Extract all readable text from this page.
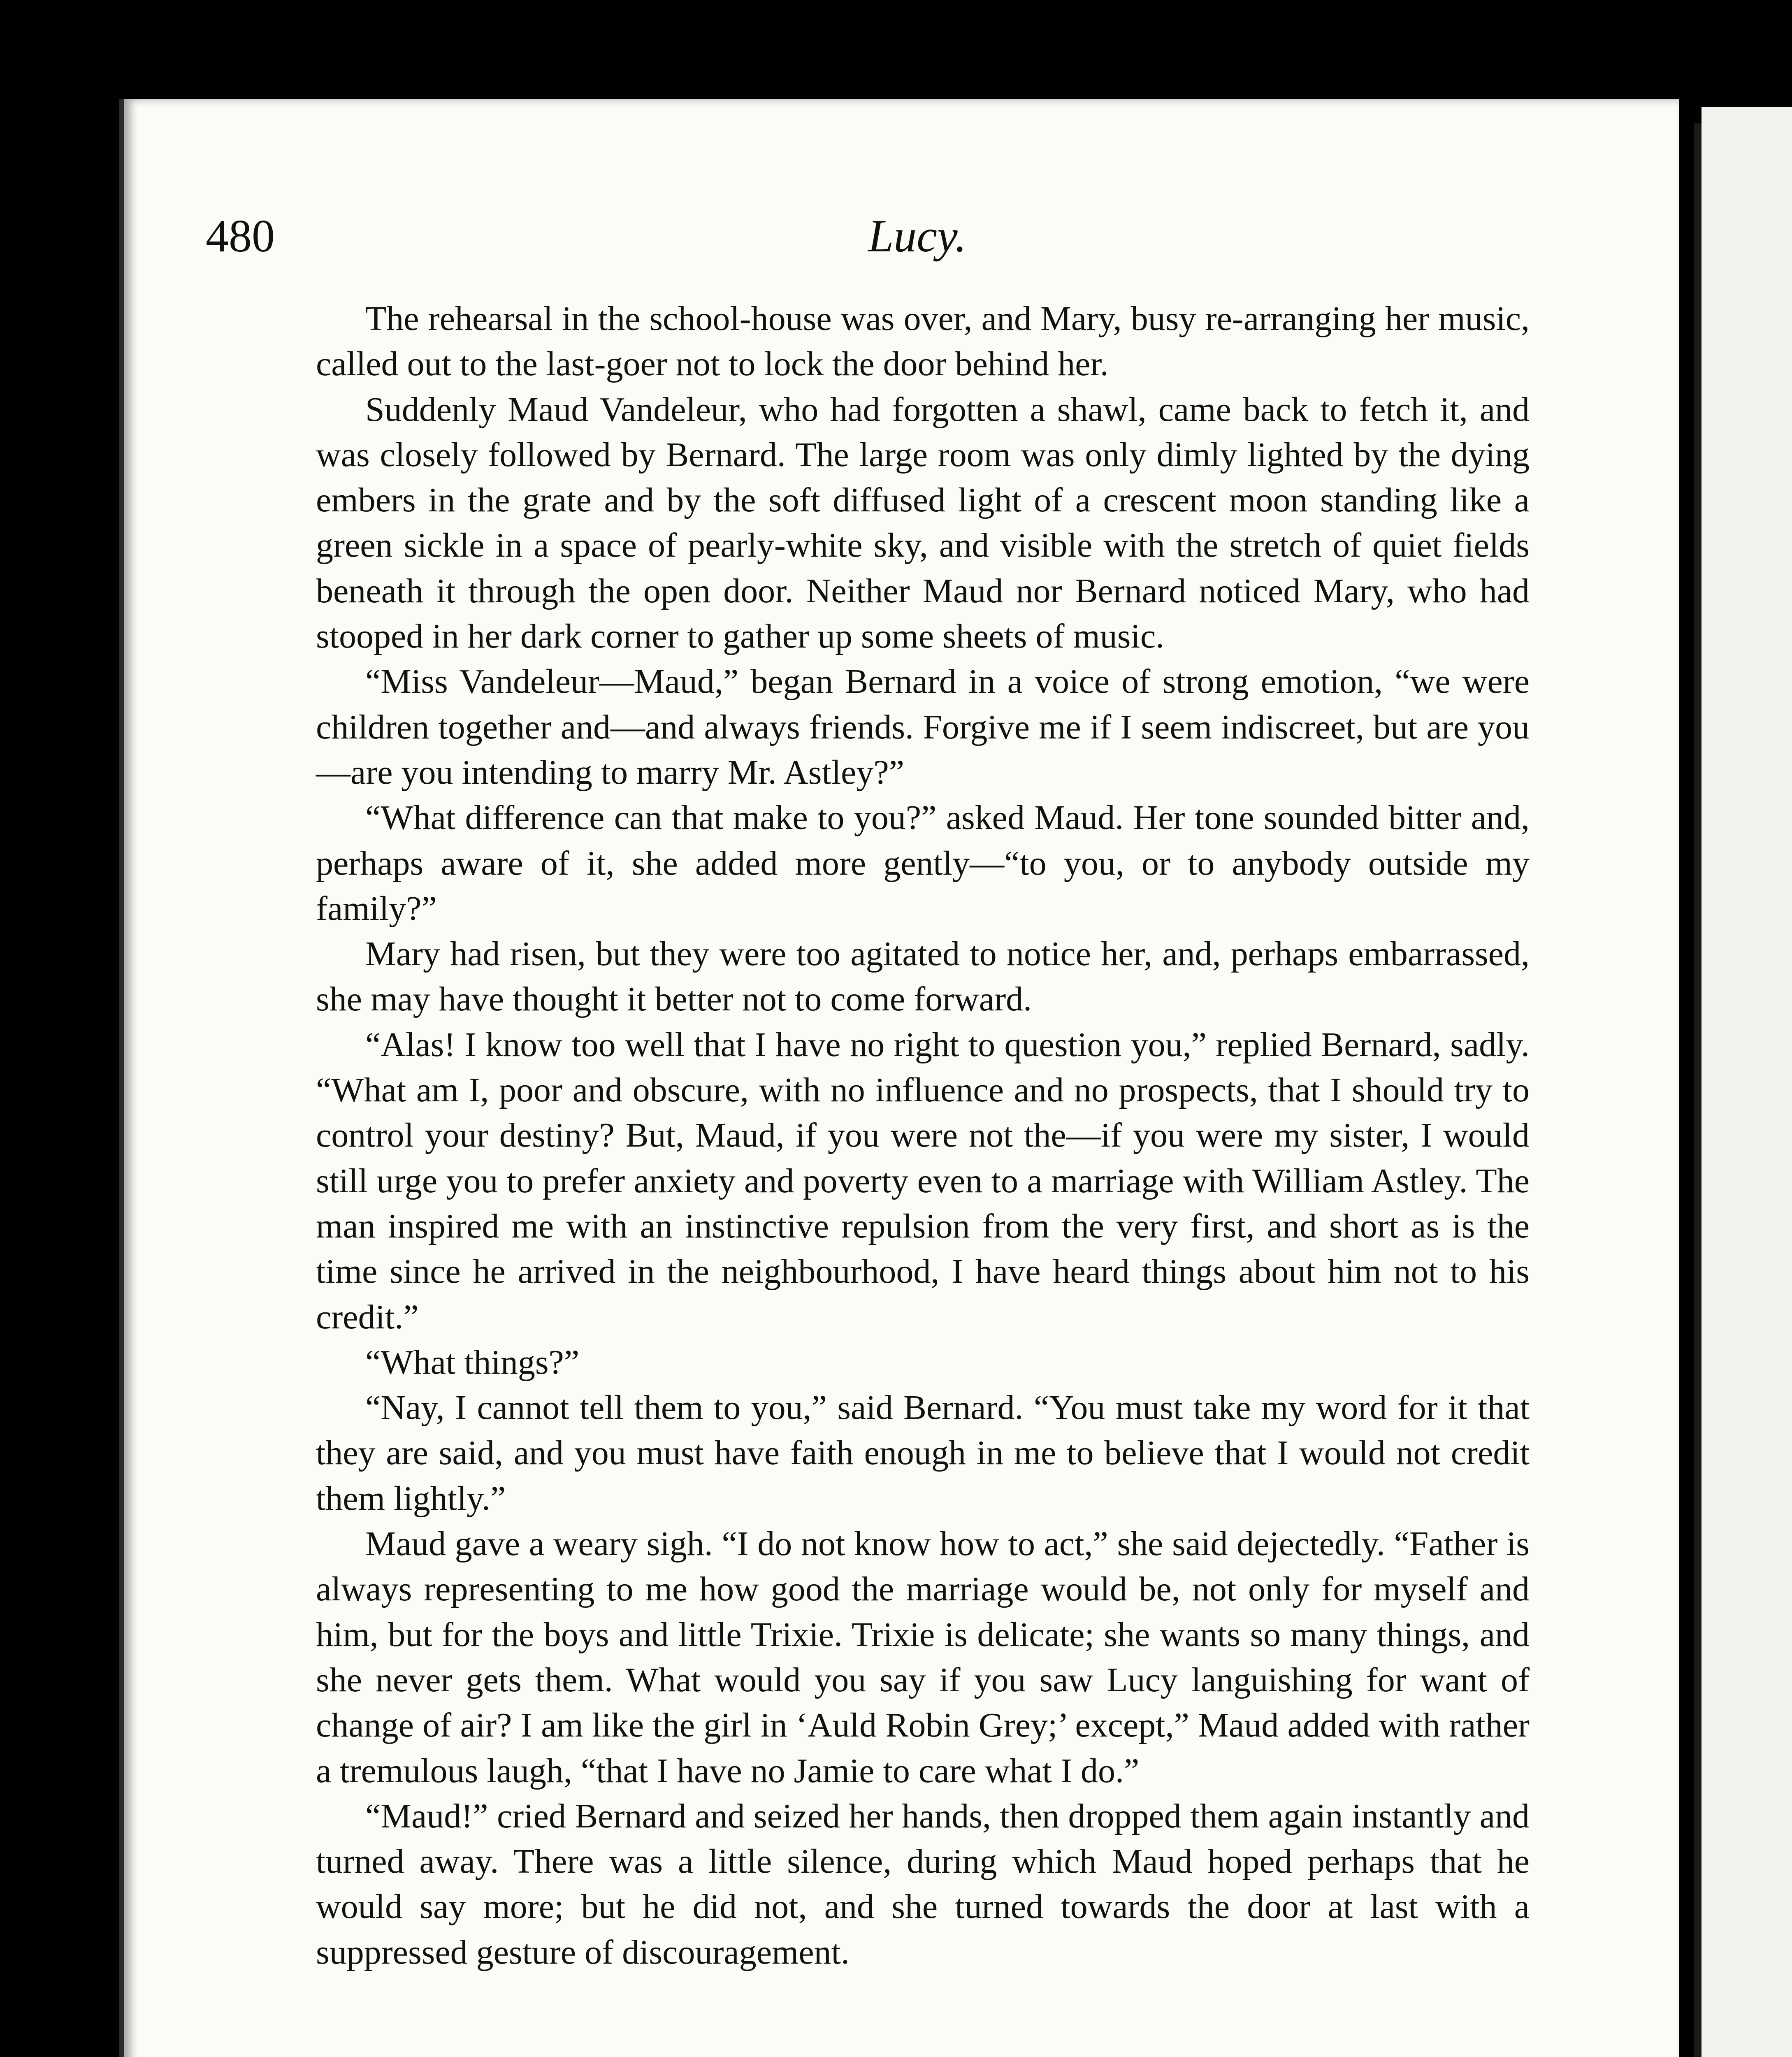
480	Lucy.

The rehearsal in the school-house was over, and Mary, busy re-arranging her music, called out to the last-goer not to lock the door behind her.

Suddenly Maud Vandeleur, who had forgotten a shawl, came back to fetch it, and was closely followed by Bernard. The large room was only dimly lighted by the dying embers in the grate and by the soft diffused light of a crescent moon standing like a green sickle in a space of pearly-white sky, and visible with the stretch of quiet fields beneath it through the open door. Neither Maud nor Bernard noticed Mary, who had stooped in her dark corner to gather up some sheets of music.

“Miss Vandeleur—Maud,” began Bernard in a voice of strong emotion, “we were children together and—and always friends. Forgive me if I seem indiscreet, but are you—are you intending to marry Mr. Astley?”

“What difference can that make to you?” asked Maud. Her tone sounded bitter and, perhaps aware of it, she added more gently—“to you, or to anybody outside my family?”

Mary had risen, but they were too agitated to notice her, and, perhaps embarrassed, she may have thought it better not to come forward.

“Alas! I know too well that I have no right to question you,” replied Bernard, sadly. “What am I, poor and obscure, with no influence and no prospects, that I should try to control your destiny? But, Maud, if you were not the—if you were my sister, I would still urge you to prefer anxiety and poverty even to a marriage with William Astley. The man inspired me with an instinctive repulsion from the very first, and short as is the time since he arrived in the neighbourhood, I have heard things about him not to his credit.”

“What things?”

“Nay, I cannot tell them to you,” said Bernard. “You must take my word for it that they are said, and you must have faith enough in me to believe that I would not credit them lightly.”

Maud gave a weary sigh. “I do not know how to act,” she said dejectedly. “Father is always representing to me how good the marriage would be, not only for myself and him, but for the boys and little Trixie. Trixie is delicate; she wants so many things, and she never gets them. What would you say if you saw Lucy languishing for want of change of air? I am like the girl in ‘Auld Robin Grey;’ except,” Maud added with rather a tremulous laugh, “that I have no Jamie to care what I do.”

“Maud!” cried Bernard and seized her hands, then dropped them again instantly and turned away. There was a little silence, during which Maud hoped perhaps that he would say more; but he did not, and she turned towards the door at last with a suppressed gesture of discouragement.
